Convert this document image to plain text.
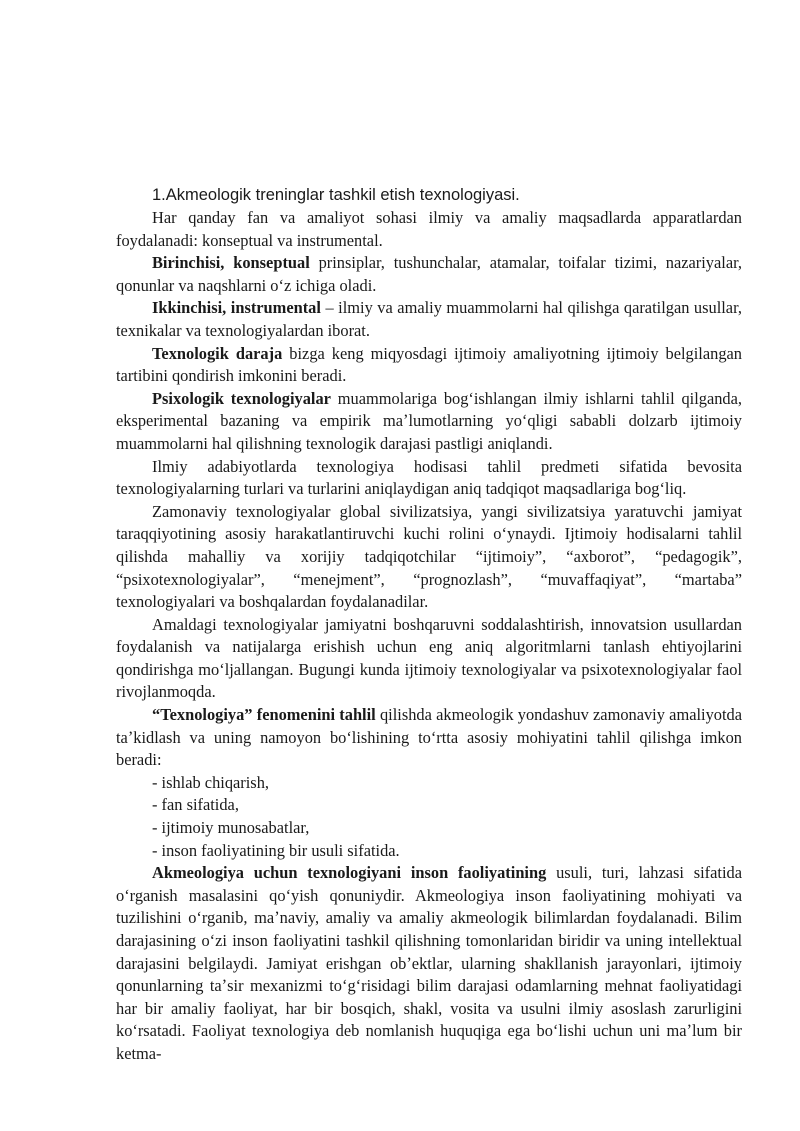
1.Akmeologik treninglar tashkil etish texnologiyasi.

Har qanday fan va amaliyot sohasi ilmiy va amaliy maqsadlarda apparatlardan foydalanadi: konseptual va instrumental.

Birinchisi, konseptual prinsiplar, tushunchalar, atamalar, toifalar tizimi, nazariyalar, qonunlar va naqshlarni oʻz ichiga oladi.

Ikkinchisi, instrumental – ilmiy va amaliy muammolarni hal qilishga qaratilgan usullar, texnikalar va texnologiyalardan iborat.

Texnologik daraja bizga keng miqyosdagi ijtimoiy amaliyotning ijtimoiy belgilangan tartibini qondirish imkonini beradi.

Psixologik texnologiyalar muammolariga bogʻishlangan ilmiy ishlarni tahlil qilganda, eksperimental bazaning va empirik maʼlumotlarning yoʻqligi sababli dolzarb ijtimoiy muammolarni hal qilishning texnologik darajasi pastligi aniqlandi.

Ilmiy adabiyotlarda texnologiya hodisasi tahlil predmeti sifatida bevosita texnologiyalarning turlari va turlarini aniqlaydigan aniq tadqiqot maqsadlariga bogʻliq.

Zamonaviy texnologiyalar global sivilizatsiya, yangi sivilizatsiya yaratuvchi jamiyat taraqqiyotining asosiy harakatlantiruvchi kuchi rolini oʻynaydi. Ijtimoiy hodisalarni tahlil qilishda mahalliy va xorijiy tadqiqotchilar “ijtimoiy”, “axborot”, “pedagogik”, “psixotexnologiyalar”, “menejment”, “prognozlash”, “muvaffaqiyat”, “martaba” texnologiyalari va boshqalardan foydalanadilar.

Amaldagi texnologiyalar jamiyatni boshqaruvni soddalashtirish, innovatsion usullardan foydalanish va natijalarga erishish uchun eng aniq algoritmlarni tanlash ehtiyojlarini qondirishga moʻljallangan. Bugungi kunda ijtimoiy texnologiyalar va psixotexnologiyalar faol rivojlanmoqda.

“Texnologiya” fenomenini tahlil qilishda akmeologik yondashuv zamonaviy amaliyotda taʼkidlash va uning namoyon boʻlishining toʻrtta asosiy mohiyatini tahlil qilishga imkon beradi:

- ishlab chiqarish,
- fan sifatida,
- ijtimoiy munosabatlar,
- inson faoliyatining bir usuli sifatida.

Akmeologiya uchun texnologiyani inson faoliyatining usuli, turi, lahzasi sifatida oʻrganish masalasini qoʻyish qonuniydir. Akmeologiya inson faoliyatining mohiyati va tuzilishini oʻrganib, maʼnaviy, amaliy va amaliy akmeologik bilimlardan foydalanadi. Bilim darajasining oʻzi inson faoliyatini tashkil qilishning tomonlaridan biridir va uning intellektual darajasini belgilaydi. Jamiyat erishgan obʼektlar, ularning shakllanish jarayonlari, ijtimoiy qonunlarning taʼsir mexanizmi toʻgʻrisidagi bilim darajasi odamlarning mehnat faoliyatidagi har bir amaliy faoliyat, har bir bosqich, shakl, vosita va usulni ilmiy asoslash zarurligini koʻrsatadi. Faoliyat texnologiya deb nomlanish huquqiga ega boʻlishi uchun uni maʼlum bir ketma-
